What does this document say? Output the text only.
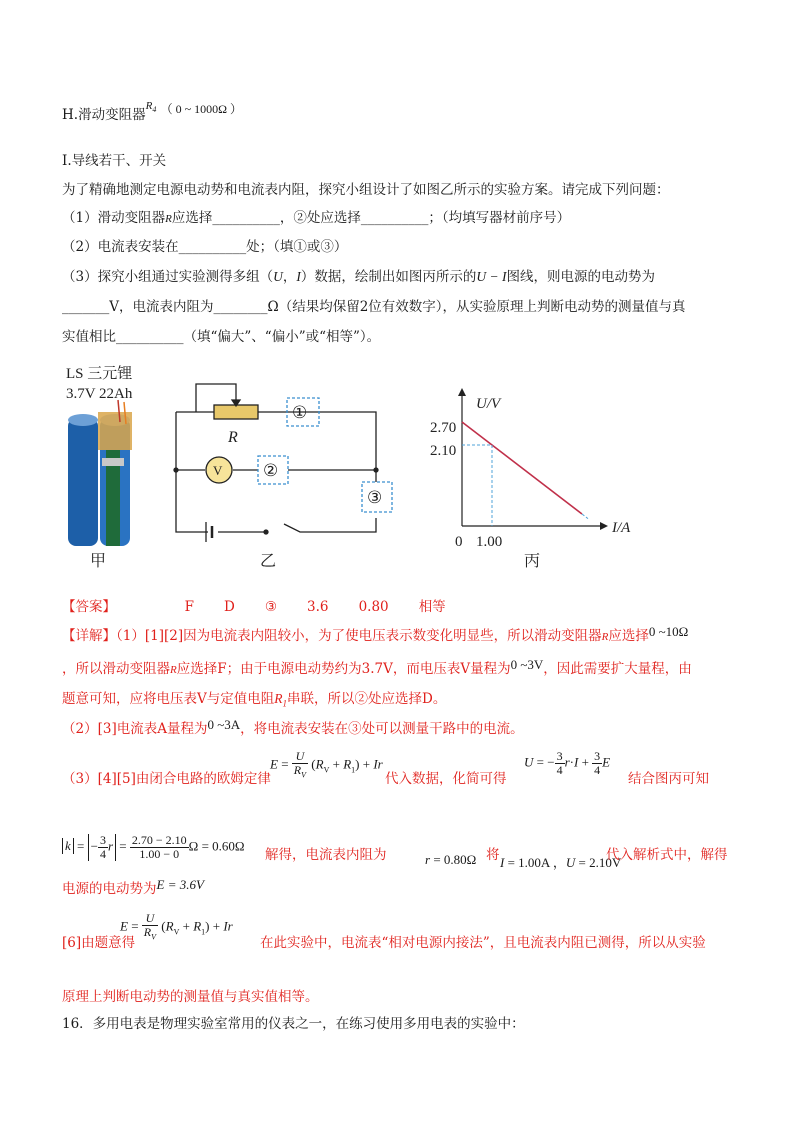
H.滑动变阻器$^{R_4}$ （ 0 ~ 1000Ω ）
I.导线若干、开关
为了精确地测定电源电动势和电流表内阻，探究小组设计了如图乙所示的实验方案。请完成下列问题：
（1）滑动变阻器R应选择__________，②处应选择__________；（均填写器材前序号）
（2）电流表安装在__________处；（填①或③）
（3）探究小组通过实验测得多组（U，I）数据，绘制出如图丙所示的U − I图线，则电源的电动势为
_______V，电流表内阻为________Ω（结果均保留2位有效数字），从实验原理上判断电动势的测量值与真
实值相比__________（填“偏大”、“偏小”或“相等”）。
LS 三元锂
3.7V 22Ah
甲
R
V
①
②
③
乙
U/V
I/A
2.70
2.10
0 1.00
丙
【答案】	F D ③ 3.6 0.80 相等
【详解】（1）[1][2]因为电流表内阻较小，为了使电压表示数变化明显些，所以滑动变阻器R应选择0 ~10Ω
，所以滑动变阻器R应选择F；由于电源电动势约为3.7V，而电压表V量程为0 ~3V，因此需要扩大量程，由
题意可知，应将电压表V与定值电阻$R_1$串联，所以②处应选择D。
（2）[3]电流表A量程为0 ~3A，将电流表安装在③处可以测量干路中的电流。
（3）[4][5]由闭合电路的欧姆定律
$E = \frac{U}{R_V} (R_V + R_1) + Ir$
代入数据，化简可得
U = − $\frac{3}{4} r\cdot I + \frac{3}{4}$ E
结合图丙可知
k = − $\frac{3}{4}$ $r = \frac{2.70 - 2.10}{1.00 - 0}$ Ω = 0.60Ω
解得，电流表内阻为	r = 0.80Ω 将 I = 1.00A ，U = 2.10V
代入解析式中，解得
电源的电动势为E = 3.6V
$E = \frac{U}{R_V} (R_V + R_1) + Ir$
[6]由题意得	在此实验中，电流表“相对电源内接法”，且电流表内阻已测得，所以从实验
原理上判断电动势的测量值与真实值相等。
16．多用电表是物理实验室常用的仪表之一，在练习使用多用电表的实验中：
